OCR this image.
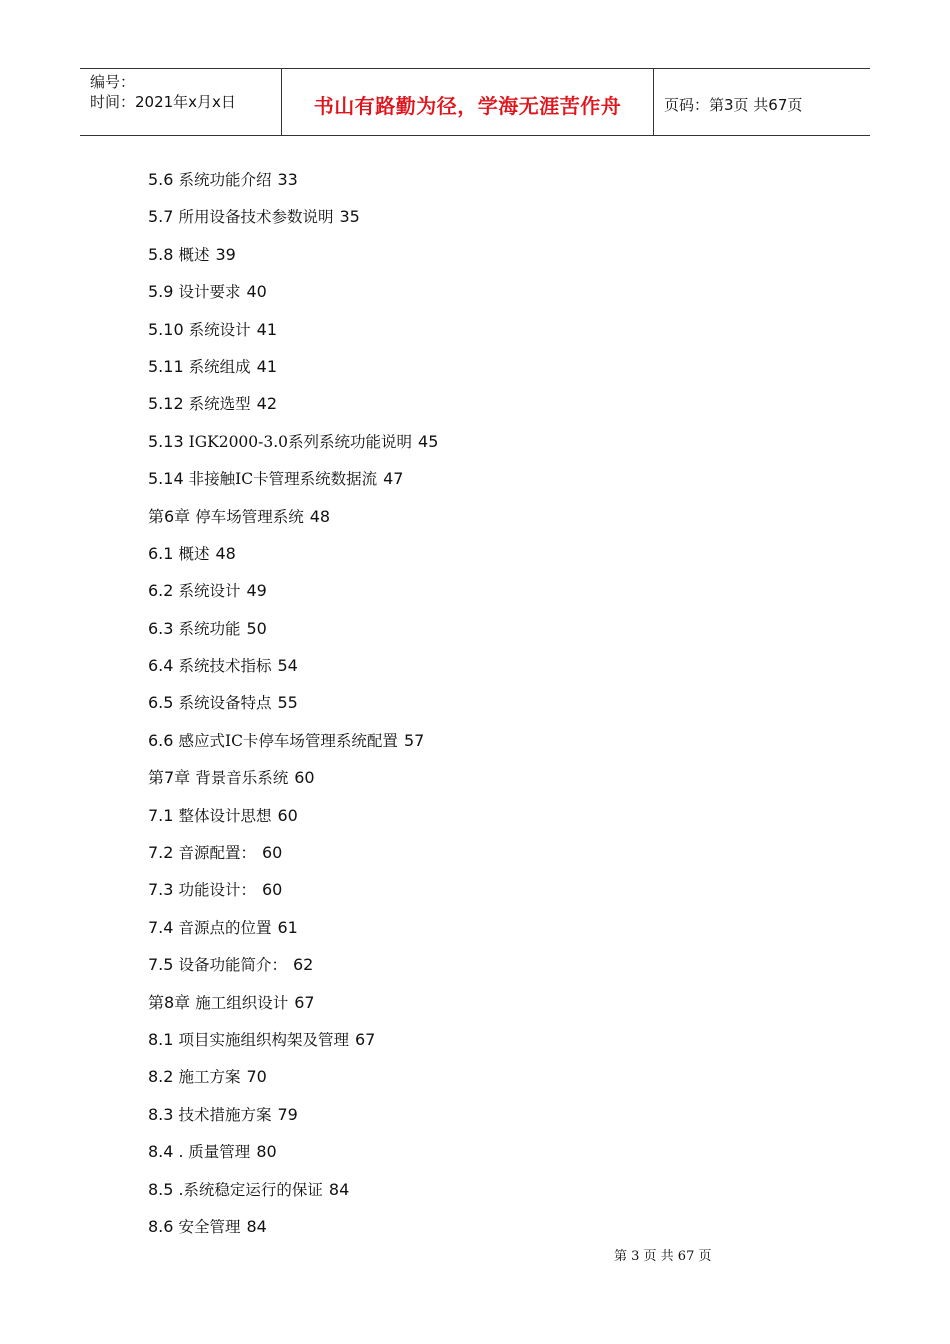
编号：
时间：2021年x月x日	书山有路勤为径，学海无涯苦作舟	页码：第3页 共67页
5.6 系统功能介绍 33
5.7 所用设备技术参数说明 35
5.8 概述 39
5.9 设计要求 40
5.10 系统设计 41
5.11 系统组成 41
5.12 系统选型 42
5.13 IGK2000-3.0系列系统功能说明 45
5.14 非接触IC卡管理系统数据流 47
第6章 停车场管理系统 48
6.1 概述 48
6.2 系统设计 49
6.3 系统功能 50
6.4 系统技术指标 54
6.5 系统设备特点 55
6.6 感应式IC卡停车场管理系统配置 57
第7章 背景音乐系统 60
7.1 整体设计思想 60
7.2 音源配置： 60
7.3 功能设计： 60
7.4 音源点的位置 61
7.5 设备功能简介： 62
第8章 施工组织设计 67
8.1 项目实施组织构架及管理 67
8.2 施工方案 70
8.3 技术措施方案 79
8.4 . 质量管理 80
8.5 .系统稳定运行的保证 84
8.6 安全管理 84
第 3 页 共 67 页
